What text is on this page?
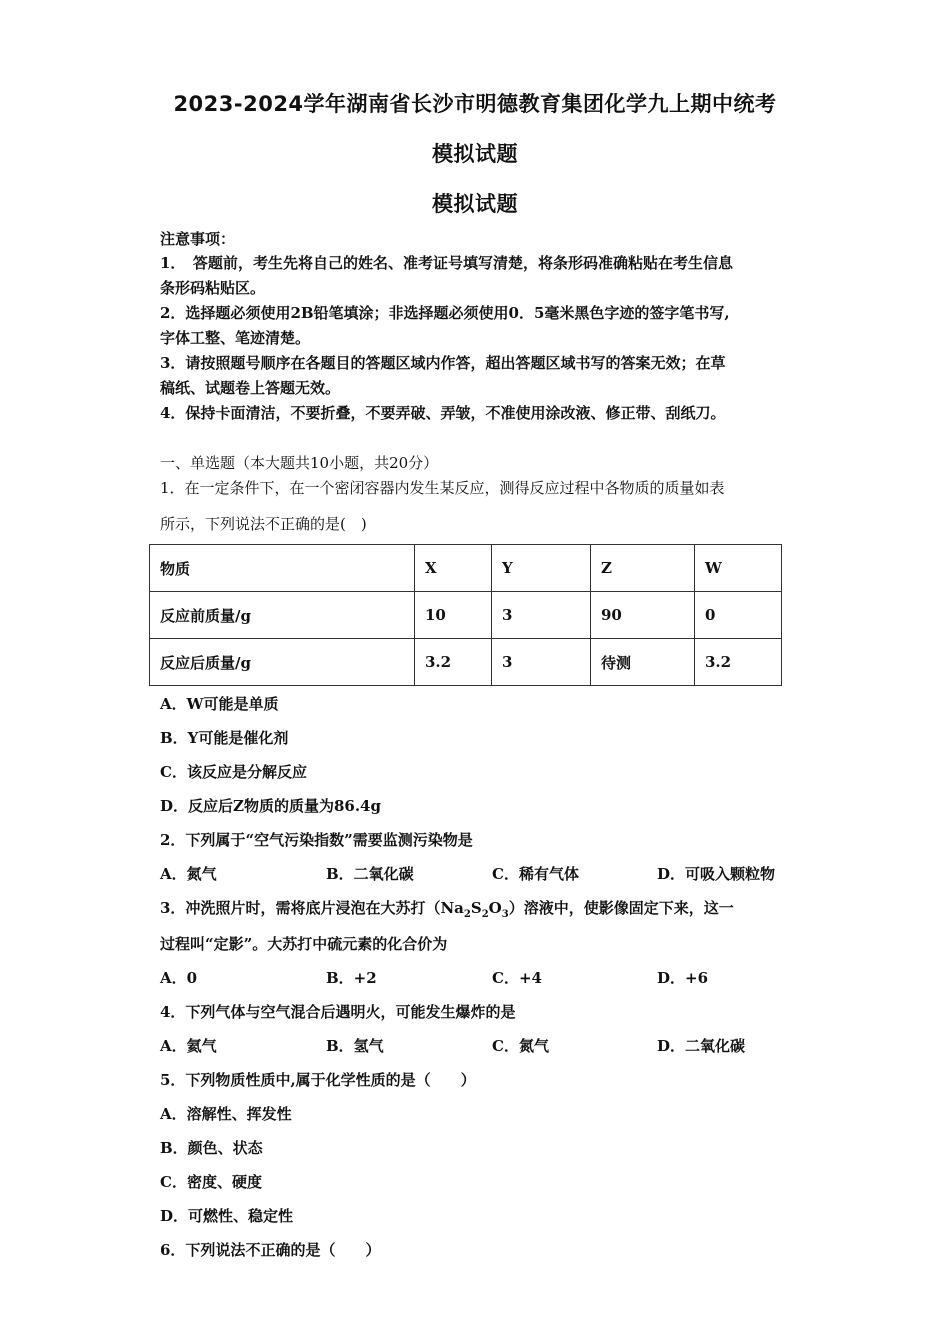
2023-2024学年湖南省长沙市明德教育集团化学九上期中统考
模拟试题
模拟试题
注意事项：
1．　答题前，考生先将自己的姓名、准考证号填写清楚，将条形码准确粘贴在考生信息
条形码粘贴区。
2．选择题必须使用2B铅笔填涂；非选择题必须使用0．5毫米黑色字迹的签字笔书写,
字体工整、笔迹清楚。
3．请按照题号顺序在各题目的答题区域内作答，超出答题区域书写的答案无效；在草
稿纸、试题卷上答题无效。
4．保持卡面清洁，不要折叠，不要弄破、弄皱，不准使用涂改液、修正带、刮纸刀。
一、单选题（本大题共10小题，共20分）
1．在一定条件下，在一个密闭容器内发生某反应，测得反应过程中各物质的质量如表
所示，下列说法不正确的是(　)
物质	X	Y	Z	W
反应前质量/g	10	3	90	0
反应后质量/g	3.2	3	待测	3.2
A．W可能是单质
B．Y可能是催化剂
C．该反应是分解反应
D．反应后Z物质的质量为86.4g
2．下列属于“空气污染指数”需要监测污染物是
A．氮气	B．二氧化碳	C．稀有气体	D．可吸入颗粒物
3．冲洗照片时，需将底片浸泡在大苏打$(Na_2S_2O_3)$溶液中，使影像固定下来，这一
过程叫“定影”。大苏打中硫元素的化合价为
A．0	B．+2	C．+4	D．+6
4．下列气体与空气混合后遇明火，可能发生爆炸的是
A．氦气	B．氢气	C．氮气	D．二氧化碳
5．下列物质性质中,属于化学性质的是（　　）
A．溶解性、挥发性
B．颜色、状态
C．密度、硬度
D．可燃性、稳定性
6．下列说法不正确的是（　　）
